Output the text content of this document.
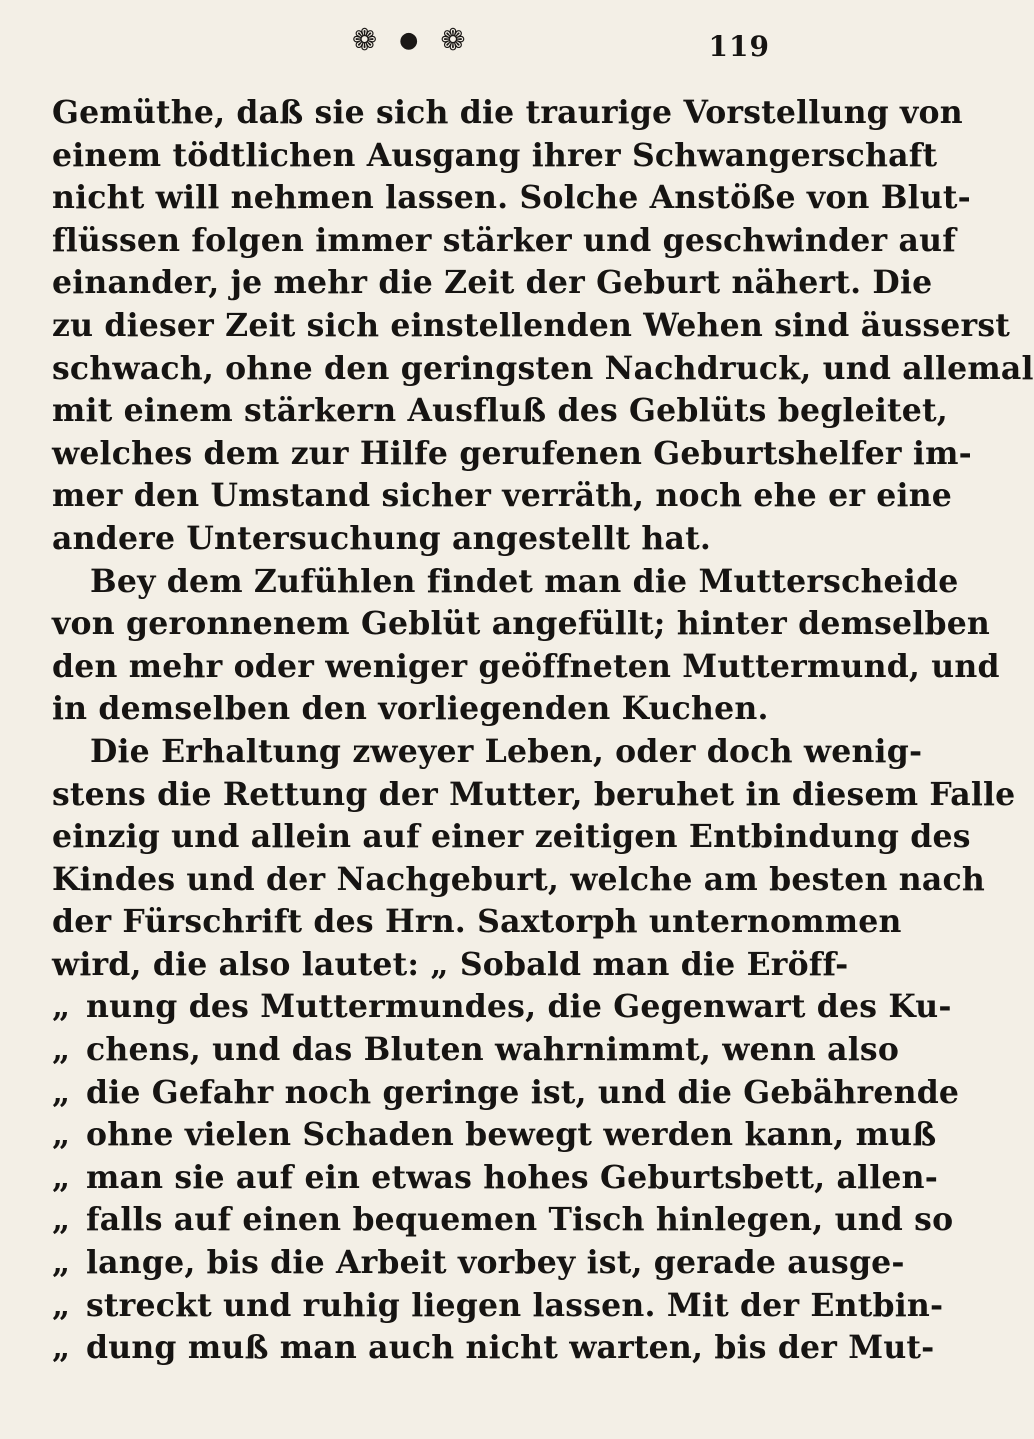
❁ ● ❁	119
Gemüthe, daß sie sich die traurige Vorstellung von
einem tödtlichen Ausgang ihrer Schwangerschaft
nicht will nehmen lassen. Solche Anstöße von Blut-
flüssen folgen immer stärker und geschwinder auf
einander, je mehr die Zeit der Geburt nähert. Die
zu dieser Zeit sich einstellenden Wehen sind äusserst
schwach, ohne den geringsten Nachdruck, und allemal
mit einem stärkern Ausfluß des Geblüts begleitet,
welches dem zur Hilfe gerufenen Geburtshelfer im-
mer den Umstand sicher verräth, noch ehe er eine
andere Untersuchung angestellt hat.
Bey dem Zufühlen findet man die Mutterscheide
von geronnenem Geblüt angefüllt; hinter demselben
den mehr oder weniger geöffneten Muttermund, und
in demselben den vorliegenden Kuchen.
Die Erhaltung zweyer Leben, oder doch wenig-
stens die Rettung der Mutter, beruhet in diesem Falle
einzig und allein auf einer zeitigen Entbindung des
Kindes und der Nachgeburt, welche am besten nach
der Fürschrift des Hrn. Saxtorph unternommen
wird, die also lautet: „ Sobald man die Eröff-
„ nung des Muttermundes, die Gegenwart des Ku-
„ chens, und das Bluten wahrnimmt, wenn also
„ die Gefahr noch geringe ist, und die Gebährende
„ ohne vielen Schaden bewegt werden kann, muß
„ man sie auf ein etwas hohes Geburtsbett, allen-
„ falls auf einen bequemen Tisch hinlegen, und so
„ lange, bis die Arbeit vorbey ist, gerade ausge-
„ streckt und ruhig liegen lassen. Mit der Entbin-
„ dung muß man auch nicht warten, bis der Mut-
